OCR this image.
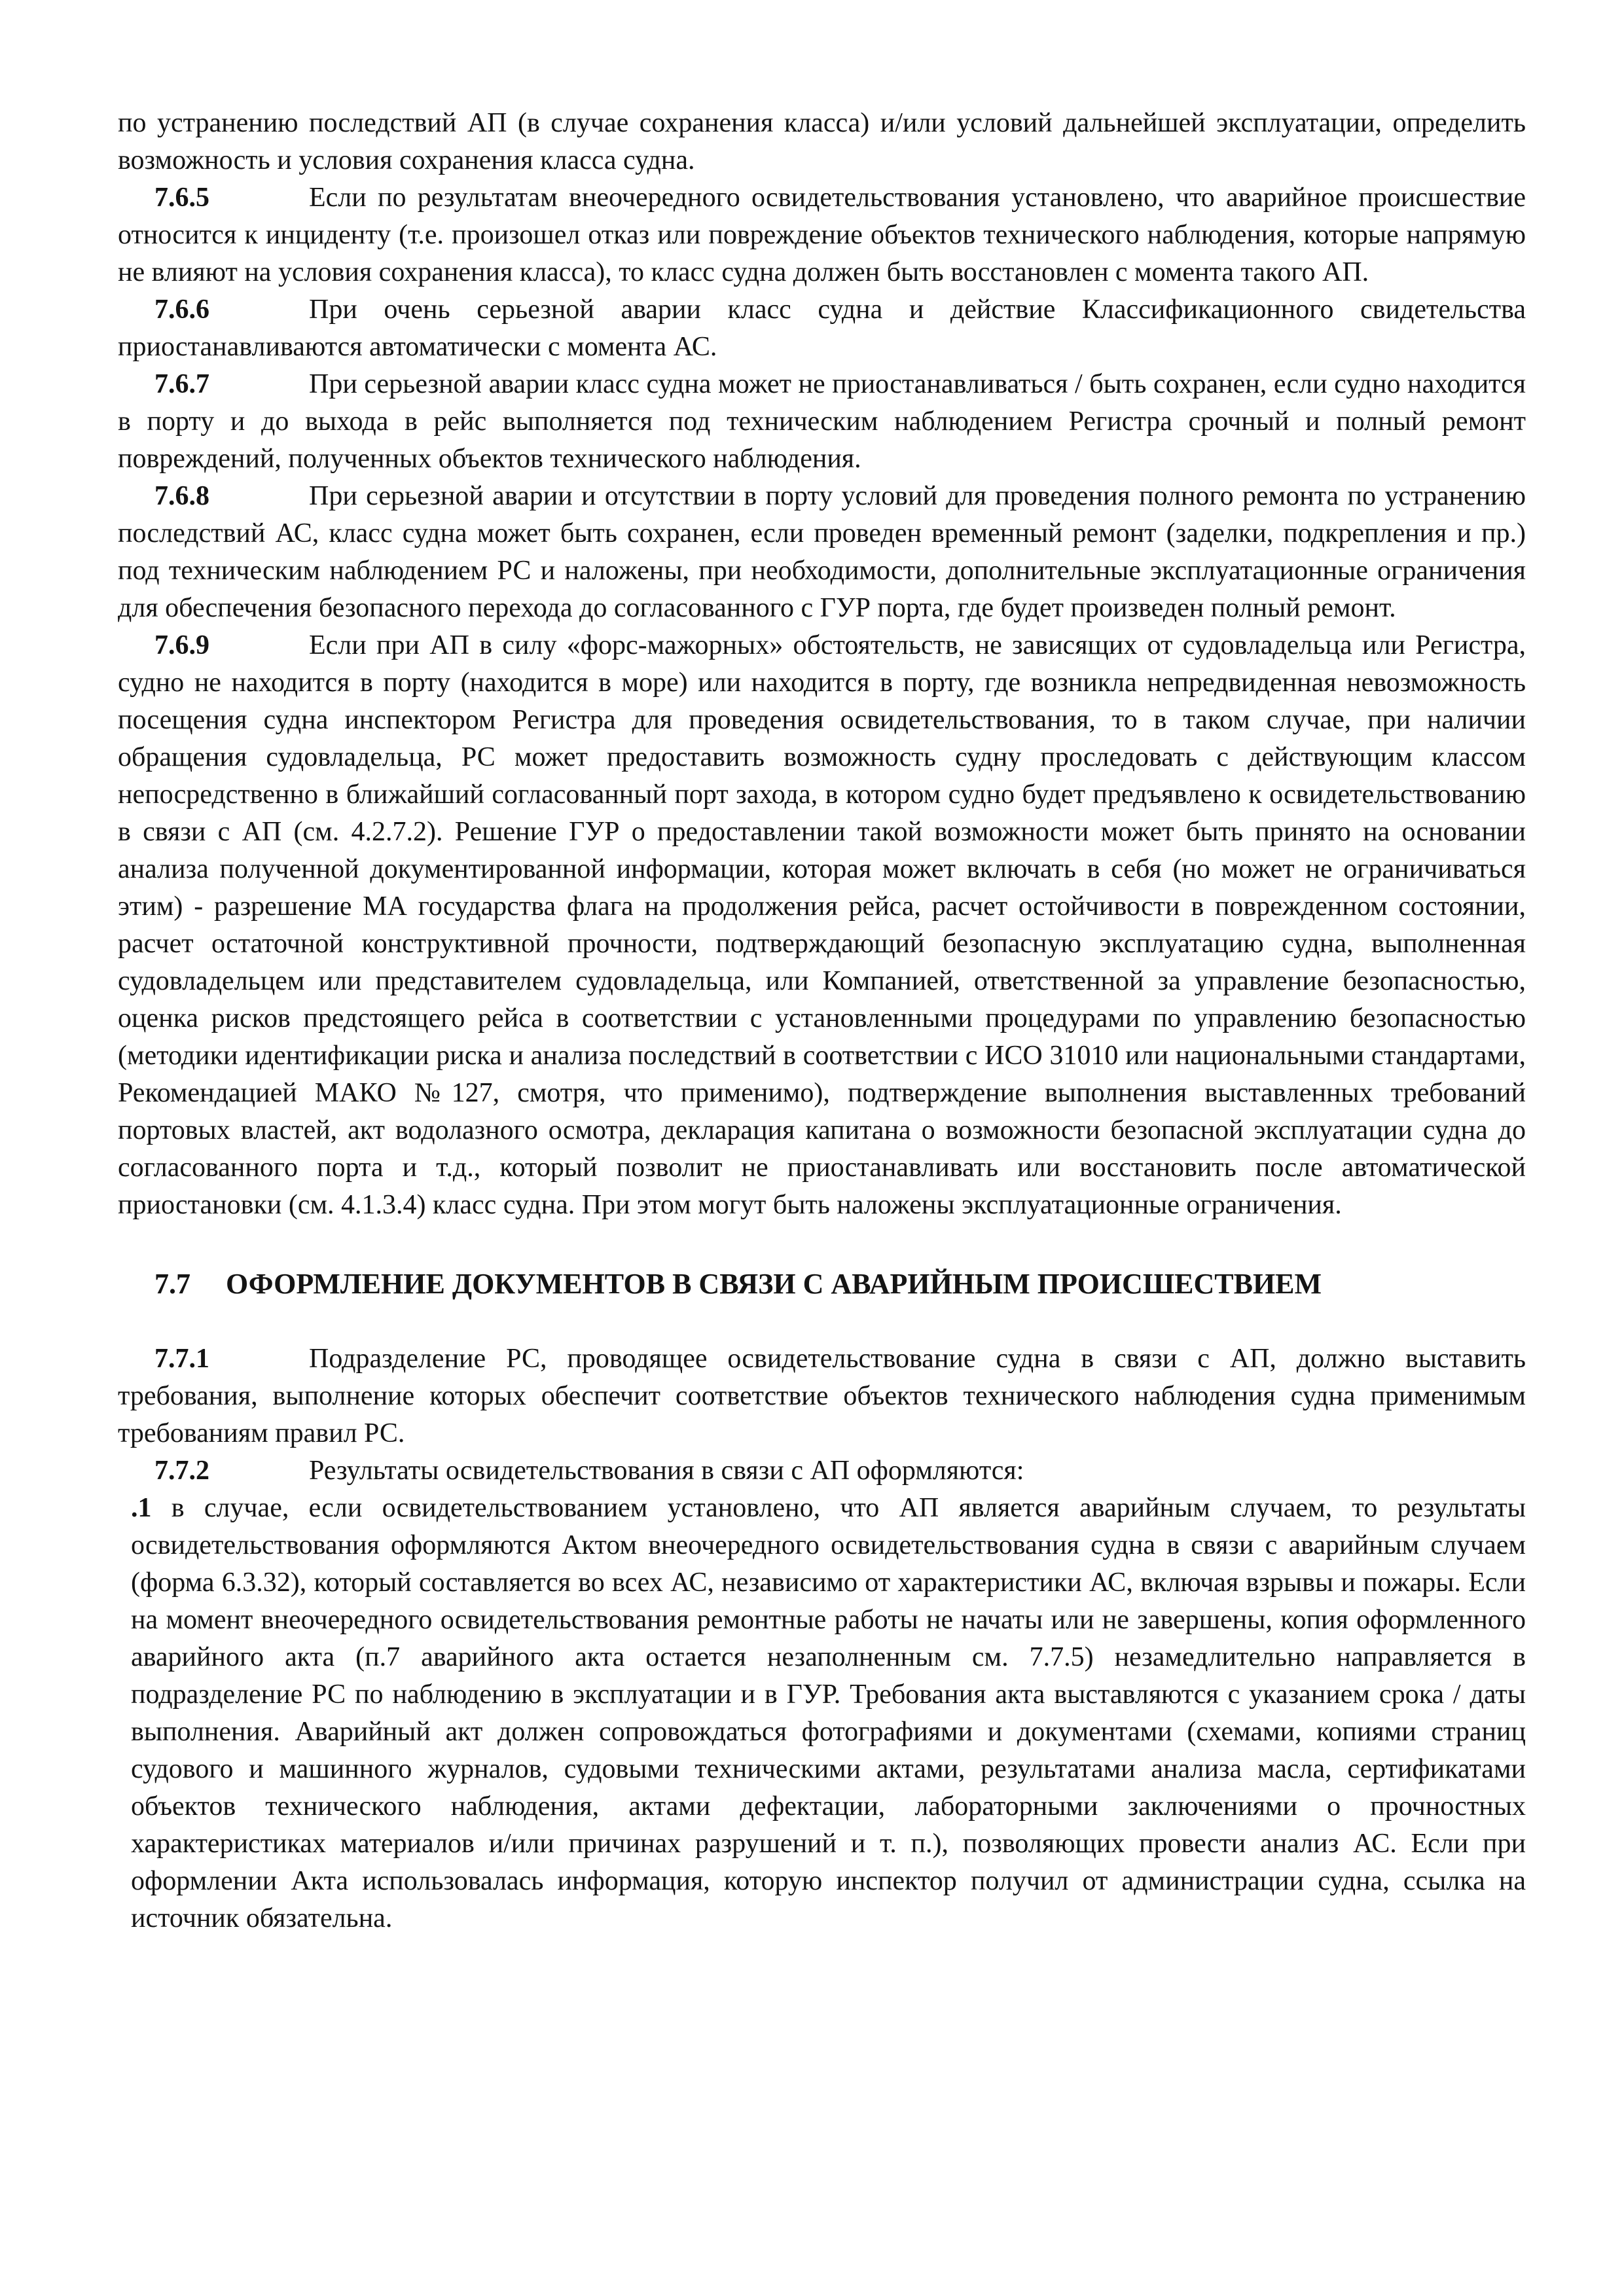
по устранению последствий АП (в случае сохранения класса) и/или условий дальнейшей эксплуатации, определить возможность и условия сохранения класса судна.

7.6.5	Если по результатам внеочередного освидетельствования установлено, что аварийное происшествие относится к инциденту (т.е. произошел отказ или повреждение объектов технического наблюдения, которые напрямую не влияют на условия сохранения класса), то класс судна должен быть восстановлен с момента такого АП.

7.6.6	При очень серьезной аварии класс судна и действие Классификационного свидетельства приостанавливаются автоматически с момента АС.

7.6.7	При серьезной аварии класс судна может не приостанавливаться / быть сохранен, если судно находится в порту и до выхода в рейс выполняется под техническим наблюдением Регистра срочный и полный ремонт повреждений, полученных объектов технического наблюдения.

7.6.8	При серьезной аварии и отсутствии в порту условий для проведения полного ремонта по устранению последствий АС, класс судна может быть сохранен, если проведен временный ремонт (заделки, подкрепления и пр.) под техническим наблюдением РС и наложены, при необходимости, дополнительные эксплуатационные ограничения для обеспечения безопасного перехода до согласованного с ГУР порта, где будет произведен полный ремонт.

7.6.9	Если при АП в силу «форс-мажорных» обстоятельств, не зависящих от судовладельца или Регистра, судно не находится в порту (находится в море) или находится в порту, где возникла непредвиденная невозможность посещения судна инспектором Регистра для проведения освидетельствования, то в таком случае, при наличии обращения судовладельца, РС может предоставить возможность судну проследовать с действующим классом непосредственно в ближайший согласованный порт захода, в котором судно будет предъявлено к освидетельствованию в связи с АП (см. 4.2.7.2). Решение ГУР о предоставлении такой возможности может быть принято на основании анализа полученной документированной информации, которая может включать в себя (но может не ограничиваться этим) - разрешение МА государства флага на продолжения рейса, расчет остойчивости в поврежденном состоянии, расчет остаточной конструктивной прочности, подтверждающий безопасную эксплуатацию судна, выполненная судовладельцем или представителем судовладельца, или Компанией, ответственной за управление безопасностью, оценка рисков предстоящего рейса в соответствии с установленными процедурами по управлению безопасностью (методики идентификации риска и анализа последствий в соответствии с ИСО 31010 или национальными стандартами, Рекомендацией МАКО №127, смотря, что применимо), подтверждение выполнения выставленных требований портовых властей, акт водолазного осмотра, декларация капитана о возможности безопасной эксплуатации судна до согласованного порта и т.д., который позволит не приостанавливать или восстановить после автоматической приостановки (см. 4.1.3.4) класс судна. При этом могут быть наложены эксплуатационные ограничения.

7.7 ОФОРМЛЕНИЕ ДОКУМЕНТОВ В СВЯЗИ С АВАРИЙНЫМ ПРОИСШЕСТВИЕМ

7.7.1	Подразделение РС, проводящее освидетельствование судна в связи с АП, должно выставить требования, выполнение которых обеспечит соответствие объектов технического наблюдения судна применимым требованиям правил РС.

7.7.2	Результаты освидетельствования в связи с АП оформляются:

.1 в случае, если освидетельствованием установлено, что АП является аварийным случаем, то результаты освидетельствования оформляются Актом внеочередного освидетельствования судна в связи с аварийным случаем (форма 6.3.32), который составляется во всех АС, независимо от характеристики АС, включая взрывы и пожары. Если на момент внеочередного освидетельствования ремонтные работы не начаты или не завершены, копия оформленного аварийного акта (п.7 аварийного акта остается незаполненным см. 7.7.5) незамедлительно направляется в подразделение РС по наблюдению в эксплуатации и в ГУР. Требования акта выставляются с указанием срока / даты выполнения. Аварийный акт должен сопровождаться фотографиями и документами (схемами, копиями страниц судового и машинного журналов, судовыми техническими актами, результатами анализа масла, сертификатами объектов технического наблюдения, актами дефектации, лабораторными заключениями о прочностных характеристиках материалов и/или причинах разрушений и т. п.), позволяющих провести анализ АС. Если при оформлении Акта использовалась информация, которую инспектор получил от администрации судна, ссылка на источник обязательна.
